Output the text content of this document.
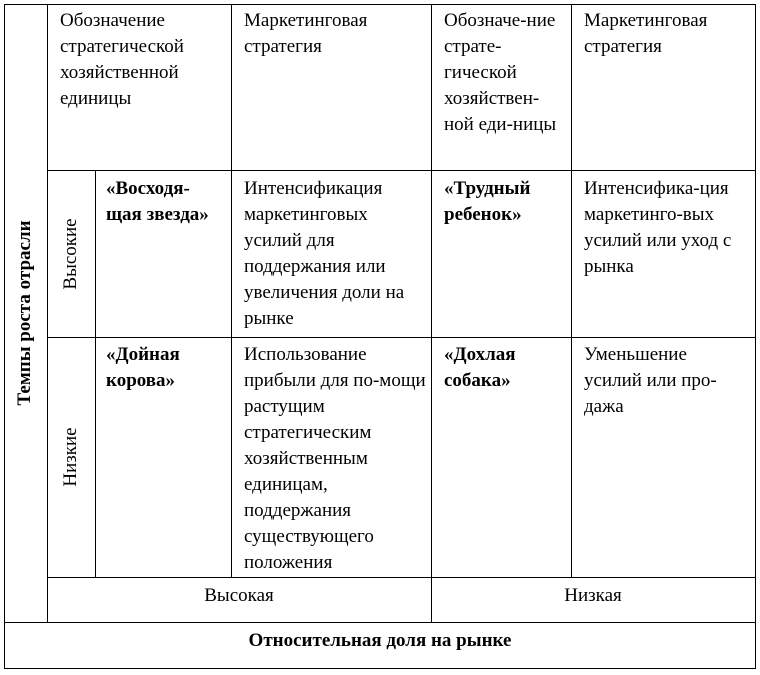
Обозначение стратегической хозяйственной единицы
Маркетинговая стратегия
Обозначе-ние страте-гической хозяйствен-ной еди-ницы
Маркетинговая стратегия
Темпы роста отрасли Высокие
Низкие
«Восходя-щая звезда»
Интенсификация маркетинговых усилий для поддержания или увеличения доли на рынке
«Трудный ребенок»
Интенсифика-ция маркетинго-вых усилий или уход с рынка
«Дойная корова»
Использование прибыли для по-мощи растущим стратегическим хозяйственным единицам, поддержания существующего положения
«Дохлая собака»
Уменьшение усилий или про-дажа
Высокая	Низкая
Относительная доля на рынке
